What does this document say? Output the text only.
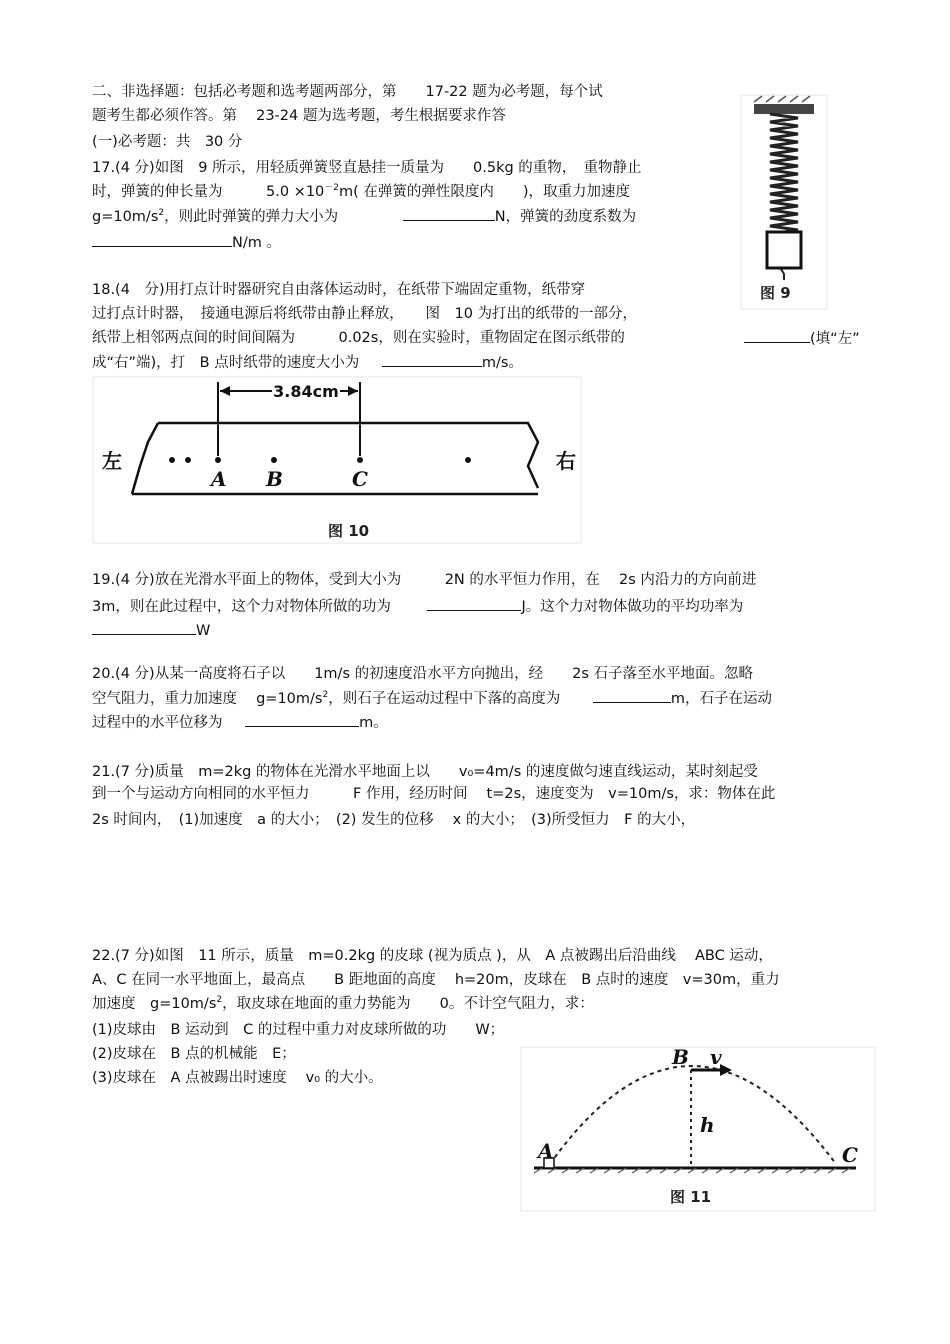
二、非选择题：包括必考题和选考题两部分，第　　17-22 题为必考题，每个试
题考生都必须作答。第　 23-24 题为选考题，考生根据要求作答
(一)必考题：共　30 分
17.(4 分)如图　9 所示，用轻质弹簧竖直悬挂一质量为　　0.5kg 的重物，　重物静止
时，弹簧的伸长量为　　　$5.0 \times 10^{-2}m$( 在弹簧的弹性限度内　　)，取重力加速度
$g=10m/s^2$，则此时弹簧的弹力大小为	N，弹簧的劲度系数为
N/m 。
图 9
18.(4　分)用打点计时器研究自由落体运动时，在纸带下端固定重物，纸带穿
过打点计时器，　接通电源后将纸带由静止释放，　　图　10 为打出的纸带的一部分，
纸带上相邻两点间的时间间隔为　　　0.02s，则在实验时，重物固定在图示纸带的	(填“左”
成“右”端)，打　B 点时纸带的速度大小为	m/s。
3.84cm
A B	C
左	右
图 10
19.(4 分)放在光滑水平面上的物体，受到大小为　　　2N 的水平恒力作用，在　 2s 内沿力的方向前进
3m，则在此过程中，这个力对物体所做的功为	J。这个力对物体做功的平均功率为
W
20.(4 分)从某一高度将石子以　　1m/s 的初速度沿水平方向抛出，经　　2s 石子落至水平地面。忽略
空气阻力，重力加速度　 $g=10m/s^2$，则石子在运动过程中下落的高度为	m，石子在运动
过程中的水平位移为	m。
21.(7 分)质量　m=2kg 的物体在光滑水平地面上以　　v₀=4m/s 的速度做匀速直线运动，某时刻起受
到一个与运动方向相同的水平恒力　　　F 作用，经历时间　 t=2s，速度变为　v=10m/s，求：物体在此
2s 时间内，　(1)加速度　a 的大小；　(2) 发生的位移　 x 的大小；　(3)所受恒力　F 的大小，
22.(7 分)如图　11 所示，质量　m=0.2kg 的皮球 (视为质点 )，从　A 点被踢出后沿曲线　 ABC 运动，
A、C 在同一水平地面上，最高点　　B 距地面的高度　 h=20m，皮球在　B 点时的速度　v=30m，重力
加速度　$g=10m/s^2$，取皮球在地面的重力势能为　　0。不计空气阻力，求：
(1)皮球由　B 运动到　C 的过程中重力对皮球所做的功　　W；
(2)皮球在　B 点的机械能　E；
(3)皮球在　A 点被踢出时速度　 v₀ 的大小。
A
B
C
v
h
图 11
